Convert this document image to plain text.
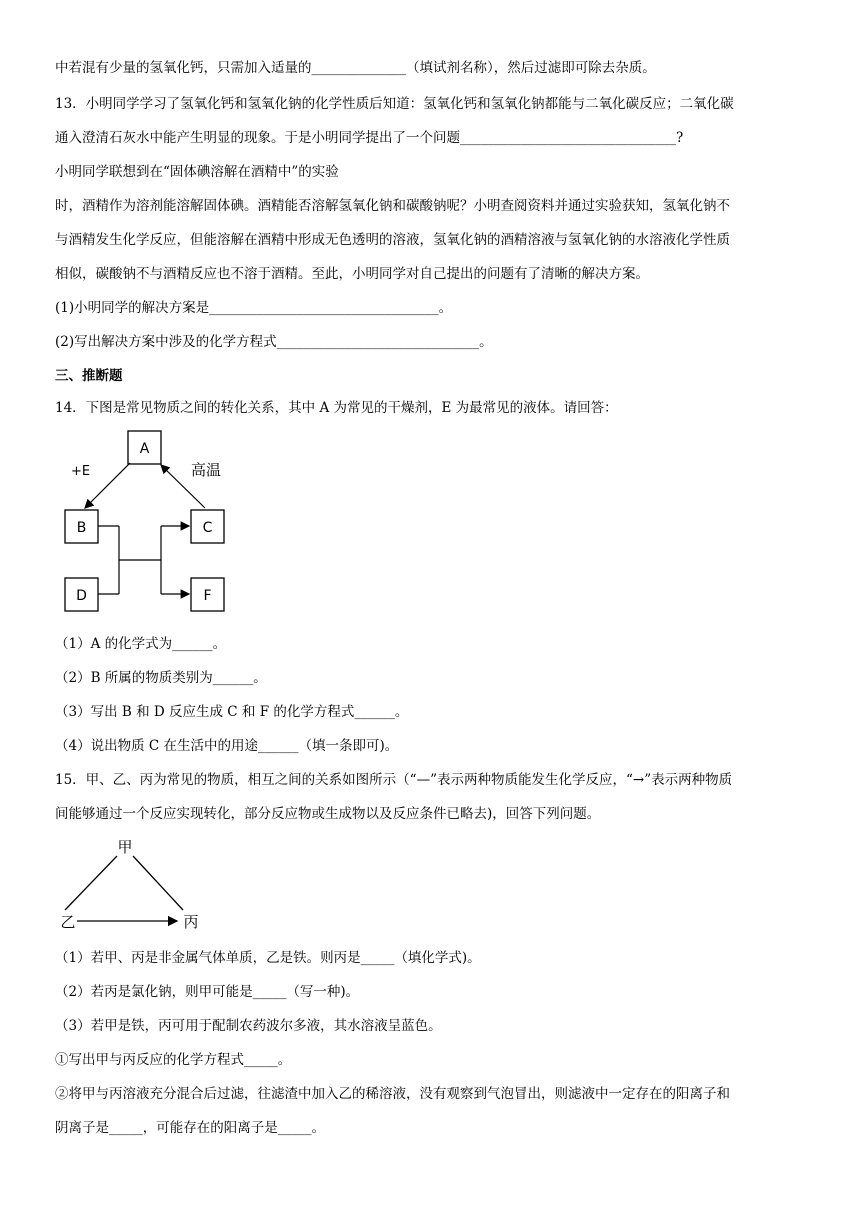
中若混有少量的氢氧化钙，只需加入适量的______________（填试剂名称），然后过滤即可除去杂质。
13．小明同学学习了氢氧化钙和氢氧化钠的化学性质后知道：氢氧化钙和氢氧化钠都能与二氧化碳反应；二氧化碳
通入澄清石灰水中能产生明显的现象。于是小明同学提出了一个问题________________________________?
小明同学联想到在“固体碘溶解在酒精中”的实验
时，酒精作为溶剂能溶解固体碘。酒精能否溶解氢氧化钠和碳酸钠呢？小明查阅资料并通过实验获知，氢氧化钠不
与酒精发生化学反应，但能溶解在酒精中形成无色透明的溶液，氢氧化钠的酒精溶液与氢氧化钠的水溶液化学性质
相似，碳酸钠不与酒精反应也不溶于酒精。至此，小明同学对自己提出的问题有了清晰的解决方案。
(1)小明同学的解决方案是__________________________________。
(2)写出解决方案中涉及的化学方程式______________________________。
三、推断题
14．下图是常见物质之间的转化关系，其中 A 为常见的干燥剂，E 为最常见的液体。请回答：
A
B	C
D	F
+E	高温
（1）A 的化学式为______。
（2）B 所属的物质类别为______。
（3）写出 B 和 D 反应生成 C 和 F 的化学方程式______。
（4）说出物质 C 在生活中的用途______（填一条即可)。
15．甲、乙、丙为常见的物质，相互之间的关系如图所示（“—”表示两种物质能发生化学反应，“→”表示两种物质
间能够通过一个反应实现转化，部分反应物或生成物以及反应条件已略去)，回答下列问题。
甲
乙	丙
（1）若甲、丙是非金属气体单质，乙是铁。则丙是_____（填化学式)。
（2）若丙是氯化钠，则甲可能是_____（写一种)。
（3）若甲是铁，丙可用于配制农药波尔多液，其水溶液呈蓝色。
①写出甲与丙反应的化学方程式_____。
②将甲与丙溶液充分混合后过滤，往滤渣中加入乙的稀溶液，没有观察到气泡冒出，则滤液中一定存在的阳离子和
阴离子是_____，可能存在的阳离子是_____。
